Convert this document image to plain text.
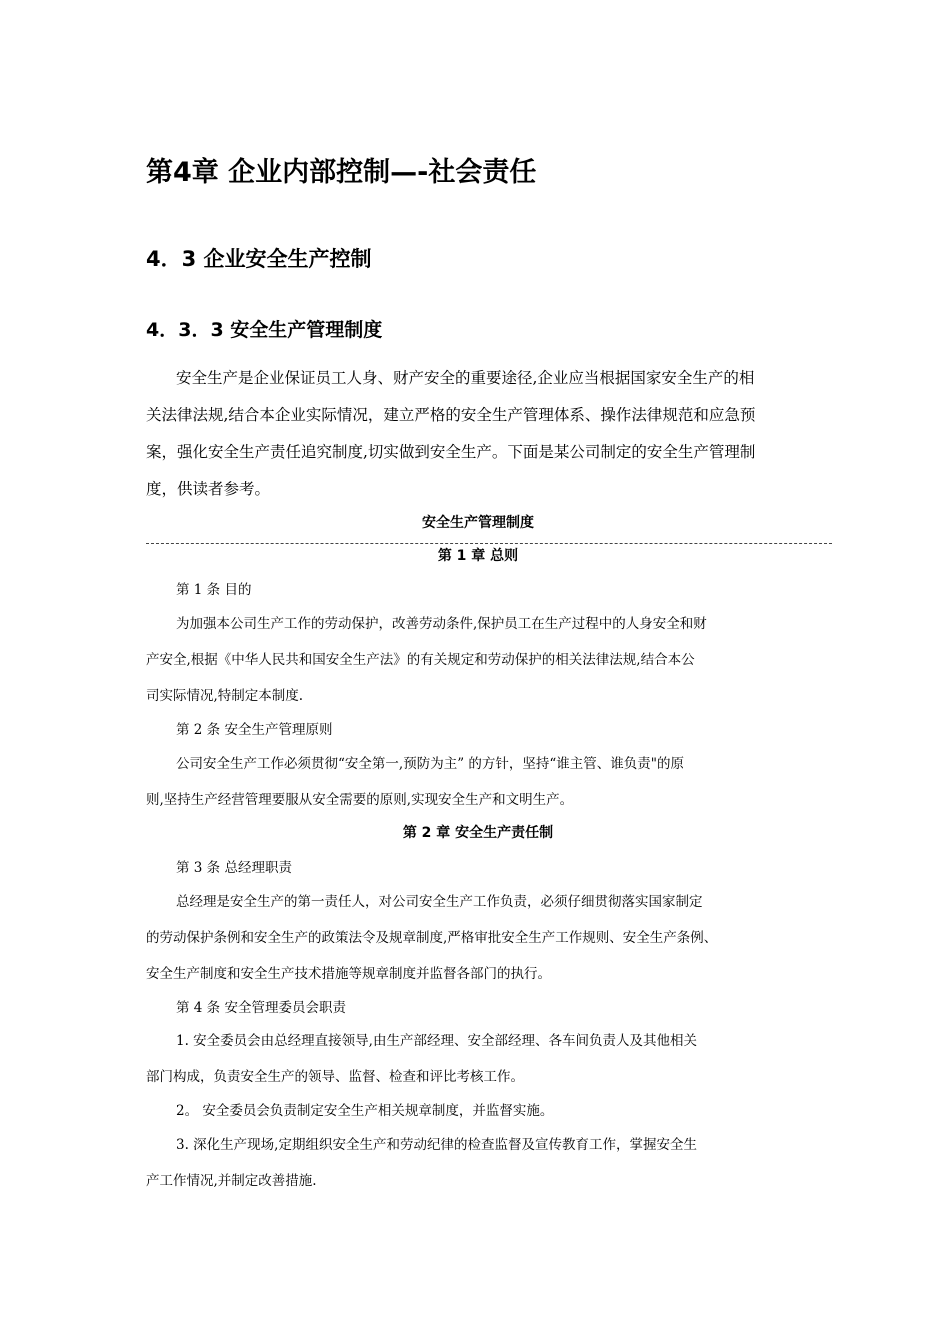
第4章 企业内部控制—-社会责任
4．3 企业安全生产控制
4．3．3 安全生产管理制度
安全生产是企业保证员工人身、财产安全的重要途径,企业应当根据国家安全生产的相
关法律法规,结合本企业实际情况，建立严格的安全生产管理体系、操作法律规范和应急预
案，强化安全生产责任追究制度,切实做到安全生产。下面是某公司制定的安全生产管理制
度，供读者参考。
安全生产管理制度
第 1 章 总则
第 1 条 目的
为加强本公司生产工作的劳动保护，改善劳动条件,保护员工在生产过程中的人身安全和财
产安全,根据《中华人民共和国安全生产法》的有关规定和劳动保护的相关法律法规,结合本公
司实际情况,特制定本制度.
第 2 条 安全生产管理原则
公司安全生产工作必须贯彻“安全第一,预防为主” 的方针，坚持“谁主管、谁负责"的原
则,坚持生产经营管理要服从安全需要的原则,实现安全生产和文明生产。
第 2 章 安全生产责任制
第 3 条 总经理职责
总经理是安全生产的第一责任人，对公司安全生产工作负责，必须仔细贯彻落实国家制定
的劳动保护条例和安全生产的政策法令及规章制度,严格审批安全生产工作规则、安全生产条例、
安全生产制度和安全生产技术措施等规章制度并监督各部门的执行。
第 4 条 安全管理委员会职责
1. 安全委员会由总经理直接领导,由生产部经理、安全部经理、各车间负责人及其他相关
部门构成，负责安全生产的领导、监督、检查和评比考核工作。
2。 安全委员会负责制定安全生产相关规章制度，并监督实施。
3. 深化生产现场,定期组织安全生产和劳动纪律的检查监督及宣传教育工作，掌握安全生
产工作情况,并制定改善措施.
